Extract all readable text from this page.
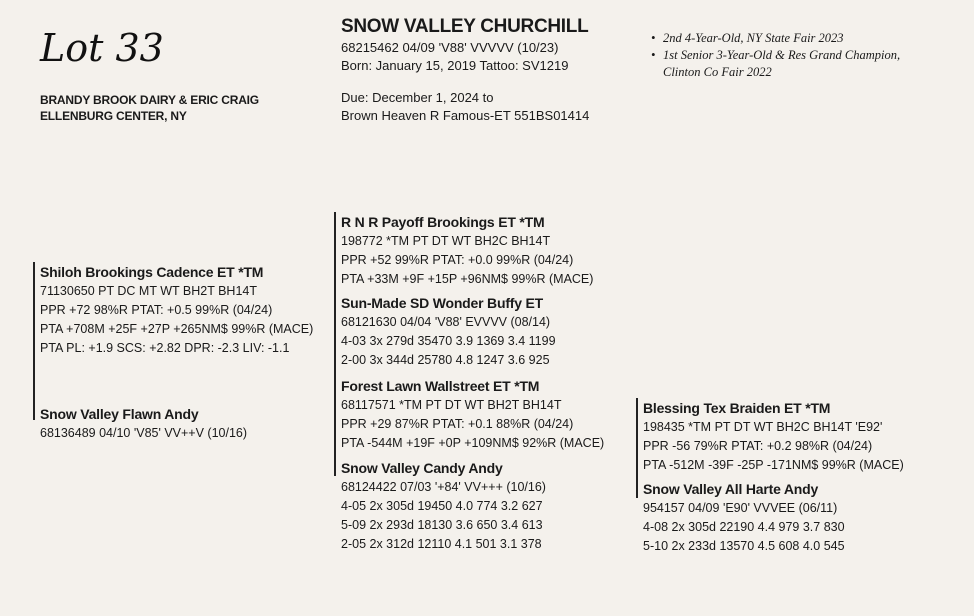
Lot 33
BRANDY BROOK DAIRY & ERIC CRAIG
ELLENBURG CENTER, NY
SNOW VALLEY CHURCHILL
68215462 04/09 'V88' VVVVV (10/23)
Born: January 15, 2019 Tattoo: SV1219
Due: December 1, 2024 to
Brown Heaven R Famous-ET 551BS01414
• 2nd 4-Year-Old, NY State Fair 2023
• 1st Senior 3-Year-Old & Res Grand Champion,
Clinton Co Fair 2022
Shiloh Brookings Cadence ET *TM
71130650 PT DC MT WT BH2T BH14T
PPR +72 98%R PTAT: +0.5 99%R (04/24)
PTA +708M +25F +27P +265NM$ 99%R (MACE)
PTA PL: +1.9 SCS: +2.82 DPR: -2.3 LIV: -1.1
Snow Valley Flawn Andy
68136489 04/10 'V85' VV++V (10/16)
R N R Payoff Brookings ET *TM
198772 *TM PT DT WT BH2C BH14T
PPR +52 99%R PTAT: +0.0 99%R (04/24)
PTA +33M +9F +15P +96NM$ 99%R (MACE)
Sun-Made SD Wonder Buffy ET
68121630 04/04 'V88' EVVVV (08/14)
4-03 3x 279d 35470 3.9 1369 3.4 1199
2-00 3x 344d 25780 4.8 1247 3.6 925
Forest Lawn Wallstreet ET *TM
68117571 *TM PT DT WT BH2T BH14T
PPR +29 87%R PTAT: +0.1 88%R (04/24)
PTA -544M +19F +0P +109NM$ 92%R (MACE)
Snow Valley Candy Andy
68124422 07/03 '+84' VV+++ (10/16)
4-05 2x 305d 19450 4.0 774 3.2 627
5-09 2x 293d 18130 3.6 650 3.4 613
2-05 2x 312d 12110 4.1 501 3.1 378
Blessing Tex Braiden ET *TM
198435 *TM PT DT WT BH2C BH14T 'E92'
PPR -56 79%R PTAT: +0.2 98%R (04/24)
PTA -512M -39F -25P -171NM$ 99%R (MACE)
Snow Valley All Harte Andy
954157 04/09 'E90' VVVEE (06/11)
4-08 2x 305d 22190 4.4 979 3.7 830
5-10 2x 233d 13570 4.5 608 4.0 545
